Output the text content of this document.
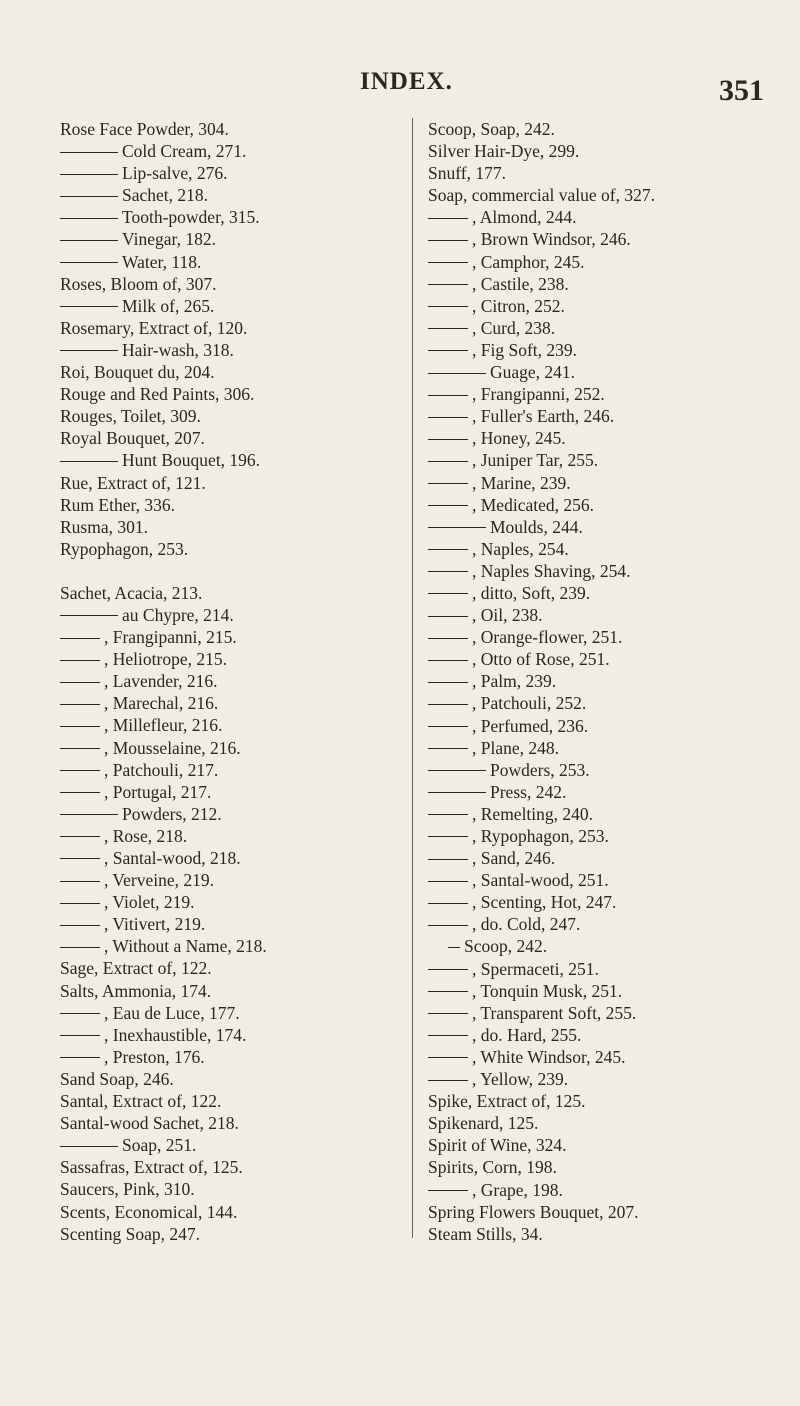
INDEX.	351
Rose Face Powder, 304.
Cold Cream, 271.
Lip-salve, 276.
Sachet, 218.
Tooth-powder, 315.
Vinegar, 182.
Water, 118.
Roses, Bloom of, 307.
Milk of, 265.
Rosemary, Extract of, 120.
Hair-wash, 318.
Roi, Bouquet du, 204.
Rouge and Red Paints, 306.
Rouges, Toilet, 309.
Royal Bouquet, 207.
Hunt Bouquet, 196.
Rue, Extract of, 121.
Rum Ether, 336.
Rusma, 301.
Rypophagon, 253.
Sachet, Acacia, 213.
au Chypre, 214.
, Frangipanni, 215.
, Heliotrope, 215.
, Lavender, 216.
, Marechal, 216.
, Millefleur, 216.
, Mousselaine, 216.
, Patchouli, 217.
, Portugal, 217.
Powders, 212.
, Rose, 218.
, Santal-wood, 218.
, Verveine, 219.
, Violet, 219.
, Vitivert, 219.
, Without a Name, 218.
Sage, Extract of, 122.
Salts, Ammonia, 174.
, Eau de Luce, 177.
, Inexhaustible, 174.
, Preston, 176.
Sand Soap, 246.
Santal, Extract of, 122.
Santal-wood Sachet, 218.
Soap, 251.
Sassafras, Extract of, 125.
Saucers, Pink, 310.
Scents, Economical, 144.
Scenting Soap, 247.
Scoop, Soap, 242.
Silver Hair-Dye, 299.
Snuff, 177.
Soap, commercial value of, 327.
, Almond, 244.
, Brown Windsor, 246.
, Camphor, 245.
, Castile, 238.
, Citron, 252.
, Curd, 238.
, Fig Soft, 239.
Guage, 241.
, Frangipanni, 252.
, Fuller's Earth, 246.
, Honey, 245.
, Juniper Tar, 255.
, Marine, 239.
, Medicated, 256.
Moulds, 244.
, Naples, 254.
, Naples Shaving, 254.
, ditto, Soft, 239.
, Oil, 238.
, Orange-flower, 251.
, Otto of Rose, 251.
, Palm, 239.
, Patchouli, 252.
, Perfumed, 236.
, Plane, 248.
Powders, 253.
Press, 242.
, Remelting, 240.
, Rypophagon, 253.
, Sand, 246.
, Santal-wood, 251.
, Scenting, Hot, 247.
, do. Cold, 247.
Scoop, 242.
, Spermaceti, 251.
, Tonquin Musk, 251.
, Transparent Soft, 255.
, do. Hard, 255.
, White Windsor, 245.
, Yellow, 239.
Spike, Extract of, 125.
Spikenard, 125.
Spirit of Wine, 324.
Spirits, Corn, 198.
, Grape, 198.
Spring Flowers Bouquet, 207.
Steam Stills, 34.
